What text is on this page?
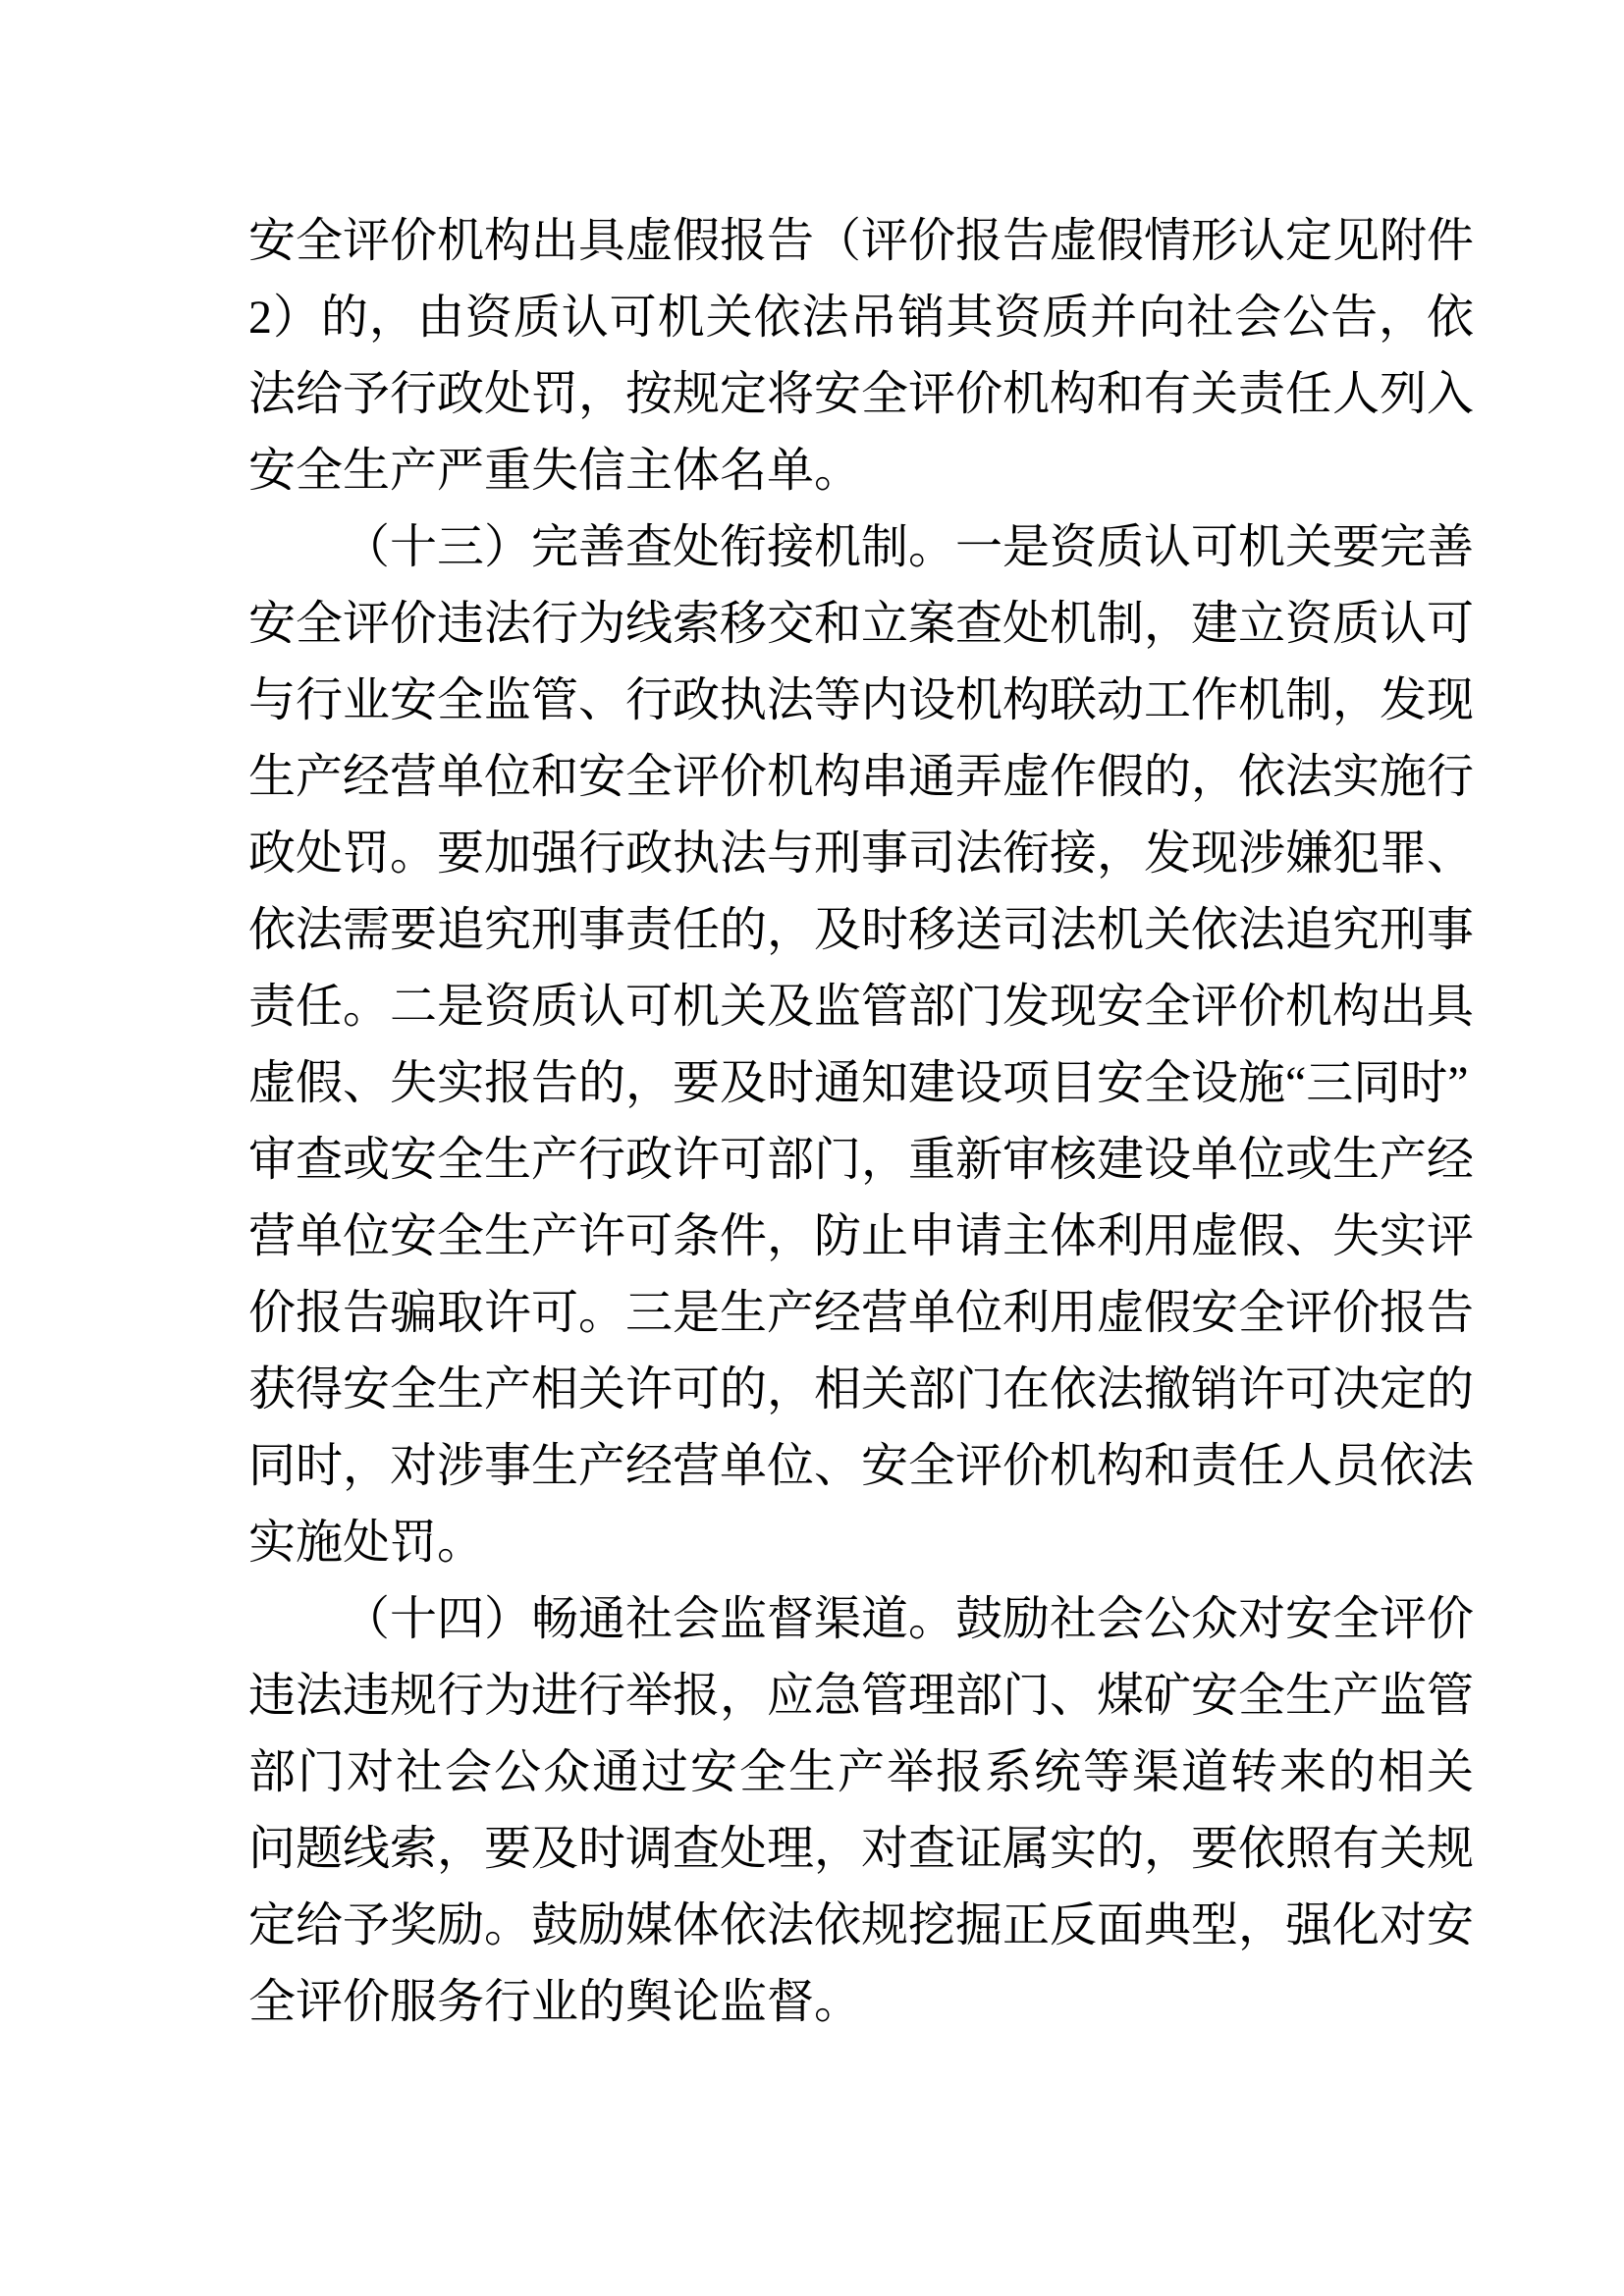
安全评价机构出具虚假报告（评价报告虚假情形认定见附件
2）的，由资质认可机关依法吊销其资质并向社会公告，依
法给予行政处罚，按规定将安全评价机构和有关责任人列入
安全生产严重失信主体名单。
（十三）完善查处衔接机制。一是资质认可机关要完善
安全评价违法行为线索移交和立案查处机制，建立资质认可
与行业安全监管、行政执法等内设机构联动工作机制，发现
生产经营单位和安全评价机构串通弄虚作假的，依法实施行
政处罚。要加强行政执法与刑事司法衔接，发现涉嫌犯罪、
依法需要追究刑事责任的，及时移送司法机关依法追究刑事
责任。二是资质认可机关及监管部门发现安全评价机构出具
虚假、失实报告的，要及时通知建设项目安全设施“三同时”
审查或安全生产行政许可部门，重新审核建设单位或生产经
营单位安全生产许可条件，防止申请主体利用虚假、失实评
价报告骗取许可。三是生产经营单位利用虚假安全评价报告
获得安全生产相关许可的，相关部门在依法撤销许可决定的
同时，对涉事生产经营单位、安全评价机构和责任人员依法
实施处罚。
（十四）畅通社会监督渠道。鼓励社会公众对安全评价
违法违规行为进行举报，应急管理部门、煤矿安全生产监管
部门对社会公众通过安全生产举报系统等渠道转来的相关
问题线索，要及时调查处理，对查证属实的，要依照有关规
定给予奖励。鼓励媒体依法依规挖掘正反面典型，强化对安
全评价服务行业的舆论监督。
